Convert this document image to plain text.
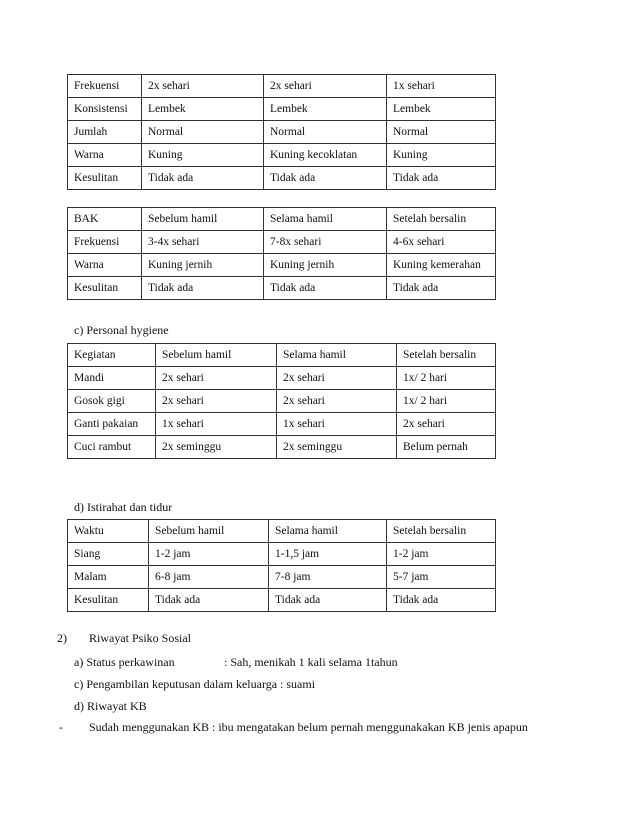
Frekuensi	2x sehari	2x sehari	1x sehari
Konsistensi	Lembek	Lembek	Lembek
Jumlah	Normal	Normal	Normal
Warna	Kuning	Kuning kecoklatan	Kuning
Kesulitan	Tidak ada	Tidak ada	Tidak ada
BAK	Sebelum hamil	Selama hamil	Setelah bersalin
Frekuensi	3-4x sehari	7-8x sehari	4-6x sehari
Warna	Kuning jernih	Kuning jernih	Kuning kemerahan
Kesulitan	Tidak ada	Tidak ada	Tidak ada
c) Personal hygiene
Kegiatan	Sebelum hamil	Selama hamil	Setelah bersalin
Mandi	2x sehari	2x sehari	1x/ 2 hari
Gosok gigi	2x sehari	2x sehari	1x/ 2 hari
Ganti pakaian	1x sehari	1x sehari	2x sehari
Cuci rambut	2x seminggu	2x seminggu	Belum pernah
d) Istirahat dan tidur
Waktu	Sebelum hamil	Selama hamil	Setelah bersalin
Siang	1-2 jam	1-1,5 jam	1-2 jam
Malam	6-8 jam	7-8 jam	5-7 jam
Kesulitan	Tidak ada	Tidak ada	Tidak ada
2) Riwayat Psiko Sosial
a) Status perkawinan	: Sah, menikah 1 kali selama 1tahun
c) Pengambilan keputusan dalam keluarga : suami
d) Riwayat KB
- Sudah menggunakan KB : ibu mengatakan belum pernah menggunakakan KB jenis apapun
